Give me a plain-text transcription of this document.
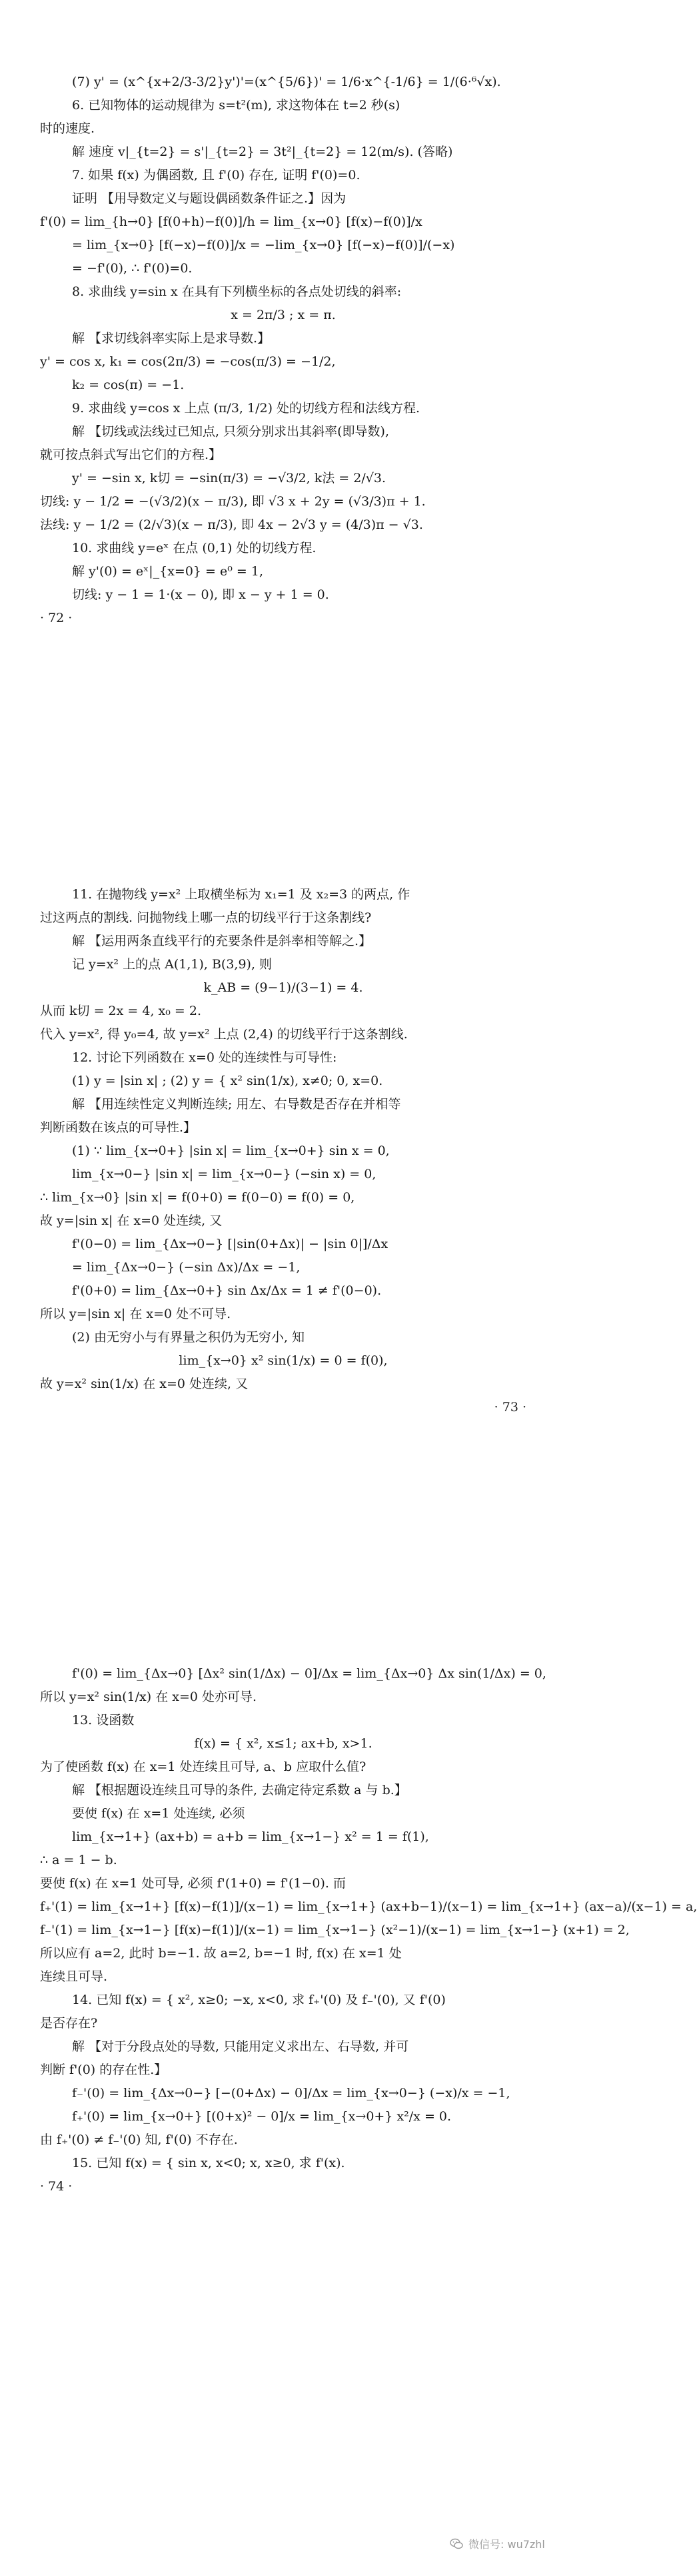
(7) y' = (x^{x+2/3-3/2}y')'=(x^{5/6})' = 1/6·x^{-1/6} = 1/(6·⁶√x).
6. 已知物体的运动规律为 s=t²(m), 求这物体在 t=2 秒(s)
时的速度.
解 速度 v|_{t=2} = s'|_{t=2} = 3t²|_{t=2} = 12(m/s). (答略)
7. 如果 f(x) 为偶函数, 且 f'(0) 存在, 证明 f'(0)=0.
证明 【用导数定义与题设偶函数条件证之.】因为
f'(0) = lim_{h→0} [f(0+h)−f(0)]/h = lim_{x→0} [f(x)−f(0)]/x
= lim_{x→0} [f(−x)−f(0)]/x = −lim_{x→0} [f(−x)−f(0)]/(−x)
= −f'(0), ∴ f'(0)=0.
8. 求曲线 y=sin x 在具有下列横坐标的各点处切线的斜率:
x = 2π/3 ; x = π.
解 【求切线斜率实际上是求导数.】
y' = cos x, k₁ = cos(2π/3) = −cos(π/3) = −1/2,
k₂ = cos(π) = −1.
9. 求曲线 y=cos x 上点 (π/3, 1/2) 处的切线方程和法线方程.
解 【切线或法线过已知点, 只须分别求出其斜率(即导数),
就可按点斜式写出它们的方程.】
y' = −sin x, k切 = −sin(π/3) = −√3/2, k法 = 2/√3.
切线: y − 1/2 = −(√3/2)(x − π/3), 即 √3 x + 2y = (√3/3)π + 1.
法线: y − 1/2 = (2/√3)(x − π/3), 即 4x − 2√3 y = (4/3)π − √3.
10. 求曲线 y=eˣ 在点 (0,1) 处的切线方程.
解 y'(0) = eˣ|_{x=0} = e⁰ = 1,
切线: y − 1 = 1·(x − 0), 即 x − y + 1 = 0.
· 72 ·
11. 在抛物线 y=x² 上取横坐标为 x₁=1 及 x₂=3 的两点, 作
过这两点的割线. 问抛物线上哪一点的切线平行于这条割线?
解 【运用两条直线平行的充要条件是斜率相等解之.】
记 y=x² 上的点 A(1,1), B(3,9), 则
k_AB = (9−1)/(3−1) = 4.
从而 k切 = 2x = 4, x₀ = 2.
代入 y=x², 得 y₀=4, 故 y=x² 上点 (2,4) 的切线平行于这条割线.
12. 讨论下列函数在 x=0 处的连续性与可导性:
(1) y = |sin x| ; (2) y = { x² sin(1/x), x≠0; 0, x=0.
解 【用连续性定义判断连续; 用左、右导数是否存在并相等
判断函数在该点的可导性.】
(1) ∵ lim_{x→0+} |sin x| = lim_{x→0+} sin x = 0,
lim_{x→0−} |sin x| = lim_{x→0−} (−sin x) = 0,
∴ lim_{x→0} |sin x| = f(0+0) = f(0−0) = f(0) = 0,
故 y=|sin x| 在 x=0 处连续, 又
f'(0−0) = lim_{Δx→0−} [|sin(0+Δx)| − |sin 0|]/Δx
= lim_{Δx→0−} (−sin Δx)/Δx = −1,
f'(0+0) = lim_{Δx→0+} sin Δx/Δx = 1 ≠ f'(0−0).
所以 y=|sin x| 在 x=0 处不可导.
(2) 由无穷小与有界量之积仍为无穷小, 知
lim_{x→0} x² sin(1/x) = 0 = f(0),
故 y=x² sin(1/x) 在 x=0 处连续, 又
· 73 ·
f'(0) = lim_{Δx→0} [Δx² sin(1/Δx) − 0]/Δx = lim_{Δx→0} Δx sin(1/Δx) = 0,
所以 y=x² sin(1/x) 在 x=0 处亦可导.
13. 设函数
f(x) = { x², x≤1; ax+b, x>1.
为了使函数 f(x) 在 x=1 处连续且可导, a、b 应取什么值?
解 【根据题设连续且可导的条件, 去确定待定系数 a 与 b.】
要使 f(x) 在 x=1 处连续, 必须
lim_{x→1+} (ax+b) = a+b = lim_{x→1−} x² = 1 = f(1),
∴ a = 1 − b.
要使 f(x) 在 x=1 处可导, 必须 f'(1+0) = f'(1−0). 而
f₊'(1) = lim_{x→1+} [f(x)−f(1)]/(x−1) = lim_{x→1+} (ax+b−1)/(x−1) = lim_{x→1+} (ax−a)/(x−1) = a,
f₋'(1) = lim_{x→1−} [f(x)−f(1)]/(x−1) = lim_{x→1−} (x²−1)/(x−1) = lim_{x→1−} (x+1) = 2,
所以应有 a=2, 此时 b=−1. 故 a=2, b=−1 时, f(x) 在 x=1 处
连续且可导.
14. 已知 f(x) = { x², x≥0; −x, x<0, 求 f₊'(0) 及 f₋'(0), 又 f'(0)
是否存在?
解 【对于分段点处的导数, 只能用定义求出左、右导数, 并可
判断 f'(0) 的存在性.】
f₋'(0) = lim_{Δx→0−} [−(0+Δx) − 0]/Δx = lim_{x→0−} (−x)/x = −1,
f₊'(0) = lim_{x→0+} [(0+x)² − 0]/x = lim_{x→0+} x²/x = 0.
由 f₊'(0) ≠ f₋'(0) 知, f'(0) 不存在.
15. 已知 f(x) = { sin x, x<0; x, x≥0, 求 f'(x).
· 74 ·
微信号: wu7zhl
